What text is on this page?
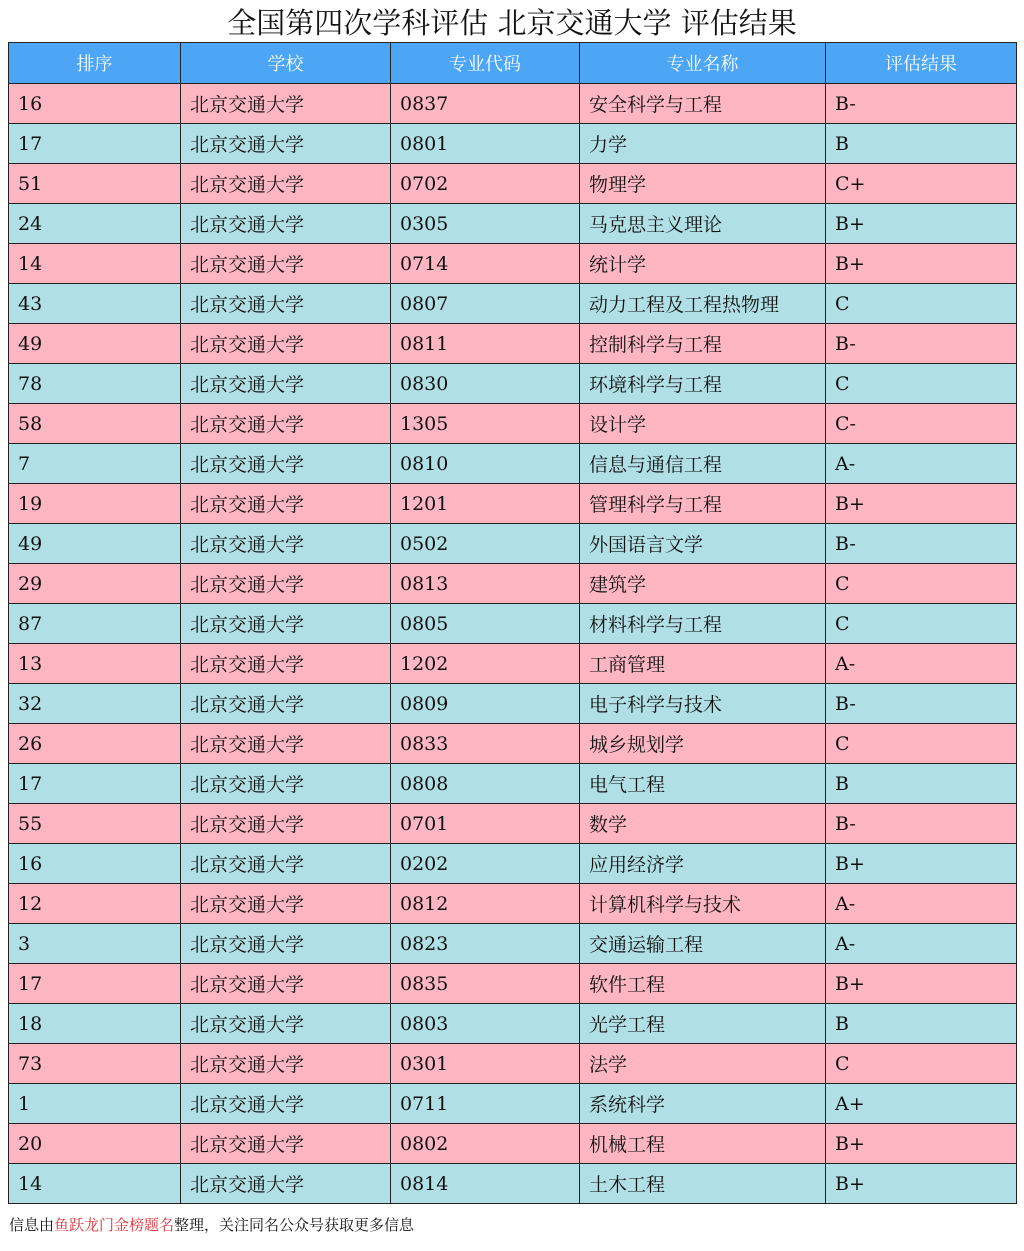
全国第四次学科评估 北京交通大学 评估结果
排序	学校	专业代码	专业名称	评估结果
16	北京交通大学	0837	安全科学与工程	B-
17	北京交通大学	0801	力学	B
51	北京交通大学	0702	物理学	C+
24	北京交通大学	0305	马克思主义理论	B+
14	北京交通大学	0714	统计学	B+
43	北京交通大学	0807	动力工程及工程热物理	C
49	北京交通大学	0811	控制科学与工程	B-
78	北京交通大学	0830	环境科学与工程	C
58	北京交通大学	1305	设计学	C-
7	北京交通大学	0810	信息与通信工程	A-
19	北京交通大学	1201	管理科学与工程	B+
49	北京交通大学	0502	外国语言文学	B-
29	北京交通大学	0813	建筑学	C
87	北京交通大学	0805	材料科学与工程	C
13	北京交通大学	1202	工商管理	A-
32	北京交通大学	0809	电子科学与技术	B-
26	北京交通大学	0833	城乡规划学	C
17	北京交通大学	0808	电气工程	B
55	北京交通大学	0701	数学	B-
16	北京交通大学	0202	应用经济学	B+
12	北京交通大学	0812	计算机科学与技术	A-
3	北京交通大学	0823	交通运输工程	A-
17	北京交通大学	0835	软件工程	B+
18	北京交通大学	0803	光学工程	B
73	北京交通大学	0301	法学	C
1	北京交通大学	0711	系统科学	A+
20	北京交通大学	0802	机械工程	B+
14	北京交通大学	0814	土木工程	B+
信息由鱼跃龙门金榜题名整理，关注同名公众号获取更多信息
